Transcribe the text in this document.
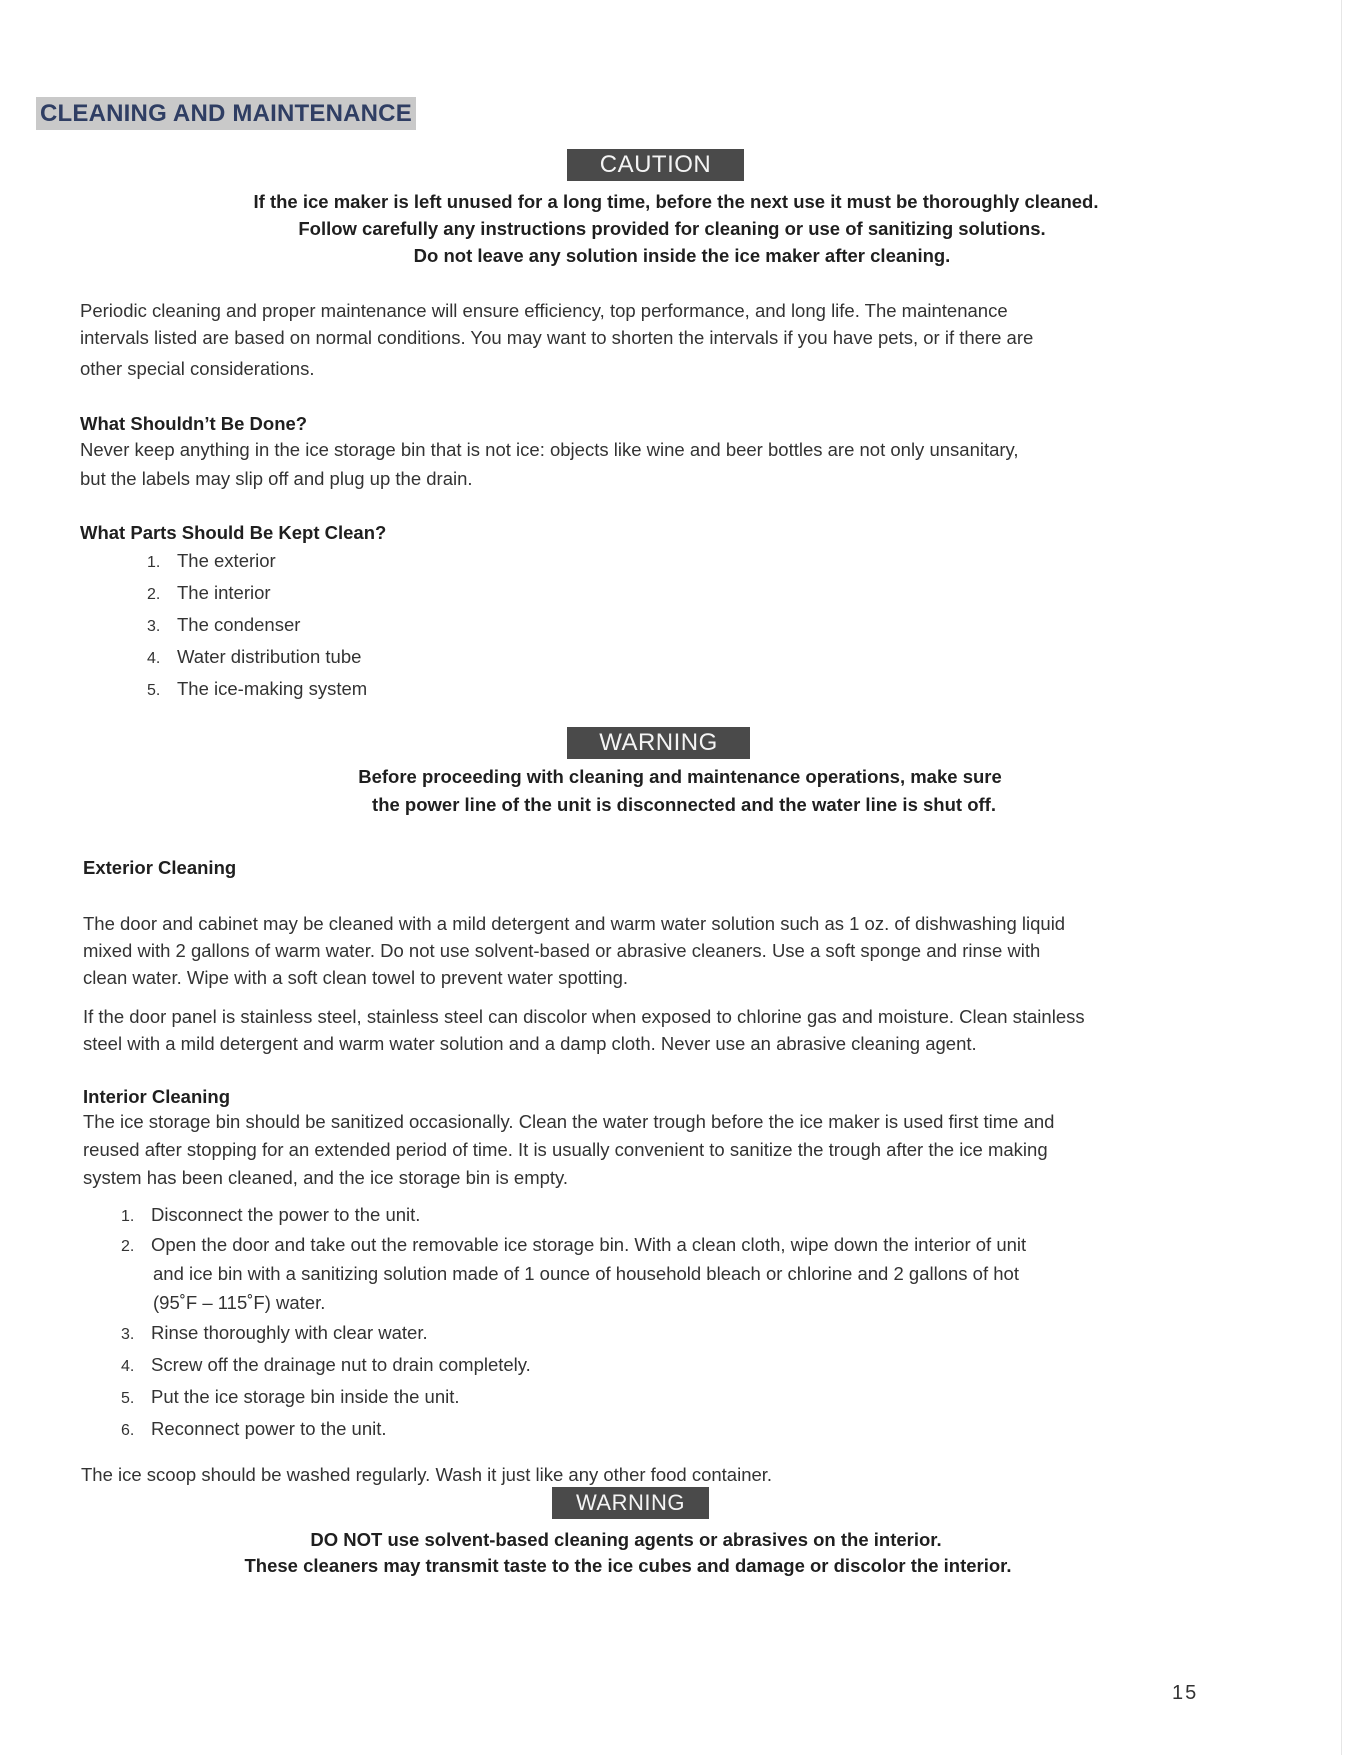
CLEANING AND MAINTENANCE
CAUTION
If the ice maker is left unused for a long time, before the next use it must be thoroughly cleaned.
Follow carefully any instructions provided for cleaning or use of sanitizing solutions.
Do not leave any solution inside the ice maker after cleaning.
Periodic cleaning and proper maintenance will ensure efficiency, top performance, and long life. The maintenance
intervals listed are based on normal conditions. You may want to shorten the intervals if you have pets, or if there are
other special considerations.
What Shouldn’t Be Done?
Never keep anything in the ice storage bin that is not ice: objects like wine and beer bottles are not only unsanitary,
but the labels may slip off and plug up the drain.
What Parts Should Be Kept Clean?
1. The exterior
2. The interior
3. The condenser
4. Water distribution tube
5. The ice-making system
WARNING
Before proceeding with cleaning and maintenance operations, make sure
the power line of the unit is disconnected and the water line is shut off.
Exterior Cleaning
The door and cabinet may be cleaned with a mild detergent and warm water solution such as 1 oz. of dishwashing liquid
mixed with 2 gallons of warm water. Do not use solvent-based or abrasive cleaners. Use a soft sponge and rinse with
clean water. Wipe with a soft clean towel to prevent water spotting.
If the door panel is stainless steel, stainless steel can discolor when exposed to chlorine gas and moisture. Clean stainless
steel with a mild detergent and warm water solution and a damp cloth. Never use an abrasive cleaning agent.
Interior Cleaning
The ice storage bin should be sanitized occasionally. Clean the water trough before the ice maker is used first time and
reused after stopping for an extended period of time. It is usually convenient to sanitize the trough after the ice making
system has been cleaned, and the ice storage bin is empty.
1. Disconnect the power to the unit.
2. Open the door and take out the removable ice storage bin. With a clean cloth, wipe down the interior of unit
and ice bin with a sanitizing solution made of 1 ounce of household bleach or chlorine and 2 gallons of hot
(95˚F – 115˚F) water.
3. Rinse thoroughly with clear water.
4. Screw off the drainage nut to drain completely.
5. Put the ice storage bin inside the unit.
6. Reconnect power to the unit.
The ice scoop should be washed regularly. Wash it just like any other food container.
WARNING
DO NOT use solvent-based cleaning agents or abrasives on the interior.
These cleaners may transmit taste to the ice cubes and damage or discolor the interior.
15
